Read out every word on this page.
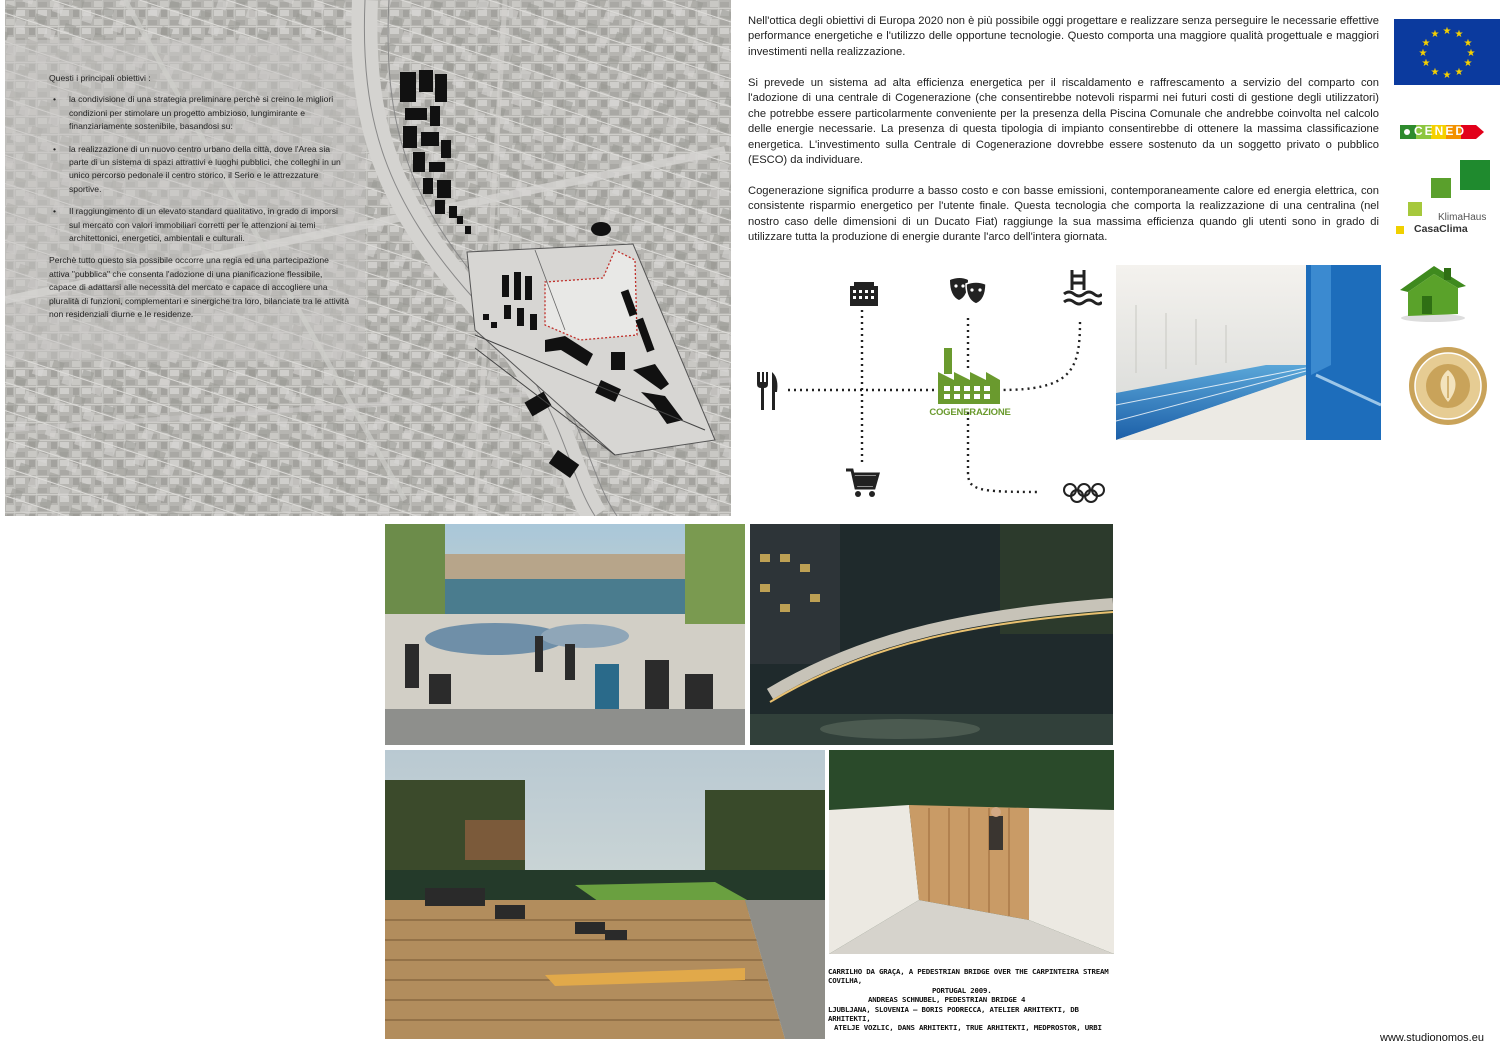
Questi i principali obiettivi :

• la condivisione di una strategia preliminare perchè si creino le migliori condizioni per stimolare un progetto ambizioso, lungimirante e finanziariamente sostenibile, basandosi su:
• la realizzazione di un nuovo centro urbano della città, dove l'Area sia parte di un sistema di spazi attrattivi e luoghi pubblici, che colleghi in un unico percorso pedonale il centro storico, il Serio e le attrezzature sportive.
• Il raggiungimento di un elevato standard qualitativo, in grado di imporsi sul mercato con valori immobiliari corretti per le attenzioni ai temi architettonici, energetici, ambientali e culturali.

Perchè tutto questo sia possibile occorre una regia ed una partecipazione attiva "pubblica" che consenta l'adozione di una pianificazione flessibile, capace di adattarsi alle necessità del mercato e capace di accogliere una pluralità di funzioni, complementari e sinergiche tra loro, bilanciate tra le attività non residenziali diurne e le residenze.

Nell'ottica degli obiettivi di Europa 2020 non è più possibile oggi progettare e realizzare senza perseguire le necessarie effettive performance energetiche e l'utilizzo delle opportune tecnologie. Questo comporta una maggiore qualità progettuale e maggiori investimenti nella realizzazione.

Si prevede un sistema ad alta efficienza energetica per il riscaldamento e raffrescamento a servizio del comparto con l'adozione di una centrale di Cogenerazione (che consentirebbe notevoli risparmi nei futuri costi di gestione degli utilizzatori) che potrebbe essere particolarmente conveniente per la presenza della Piscina Comunale che andrebbe coinvolta nel calcolo delle energie necessarie. La presenza di questa tipologia di impianto consentirebbe di ottenere la massima classificazione energetica. L'investimento sulla Centrale di Cogenerazione dovrebbe essere sostenuto da un soggetto privato o pubblico (ESCO) da individuare.

Cogenerazione significa produrre a basso costo e con basse emissioni, contemporaneamente calore ed energia elettrica, con consistente risparmio energetico per l'utente finale. Questa tecnologia che comporta la realizzazione di una centralina (nel nostro caso delle dimensioni di un Ducato Fiat) raggiunge la sua massima efficienza quando gli utenti sono in grado di utilizzare tutta la produzione di energie durante l'arco dell'intera giornata.

★ ★
★
★
★
★
★
★
★
★
★
★
CENED
KlimaHaus
CasaClima
COGENERAZIONE

CARRILHO DA GRAÇA, A PEDESTRIAN BRIDGE OVER THE CARPINTEIRA STREAM COVILHA,

PORTUGAL 2009.

ANDREAS SCHNUBEL, PEDESTRIAN BRIDGE 4

LJUBLJANA, SLOVENIA – BORIS PODRECCA, ATELIER ARHITEKTI, DB ARHITEKTI,

ATELJE VOZLIC, DANS ARHITEKTI, TRUE ARHITEKTI, MEDPROSTOR, URBI

www.studionomos.eu
